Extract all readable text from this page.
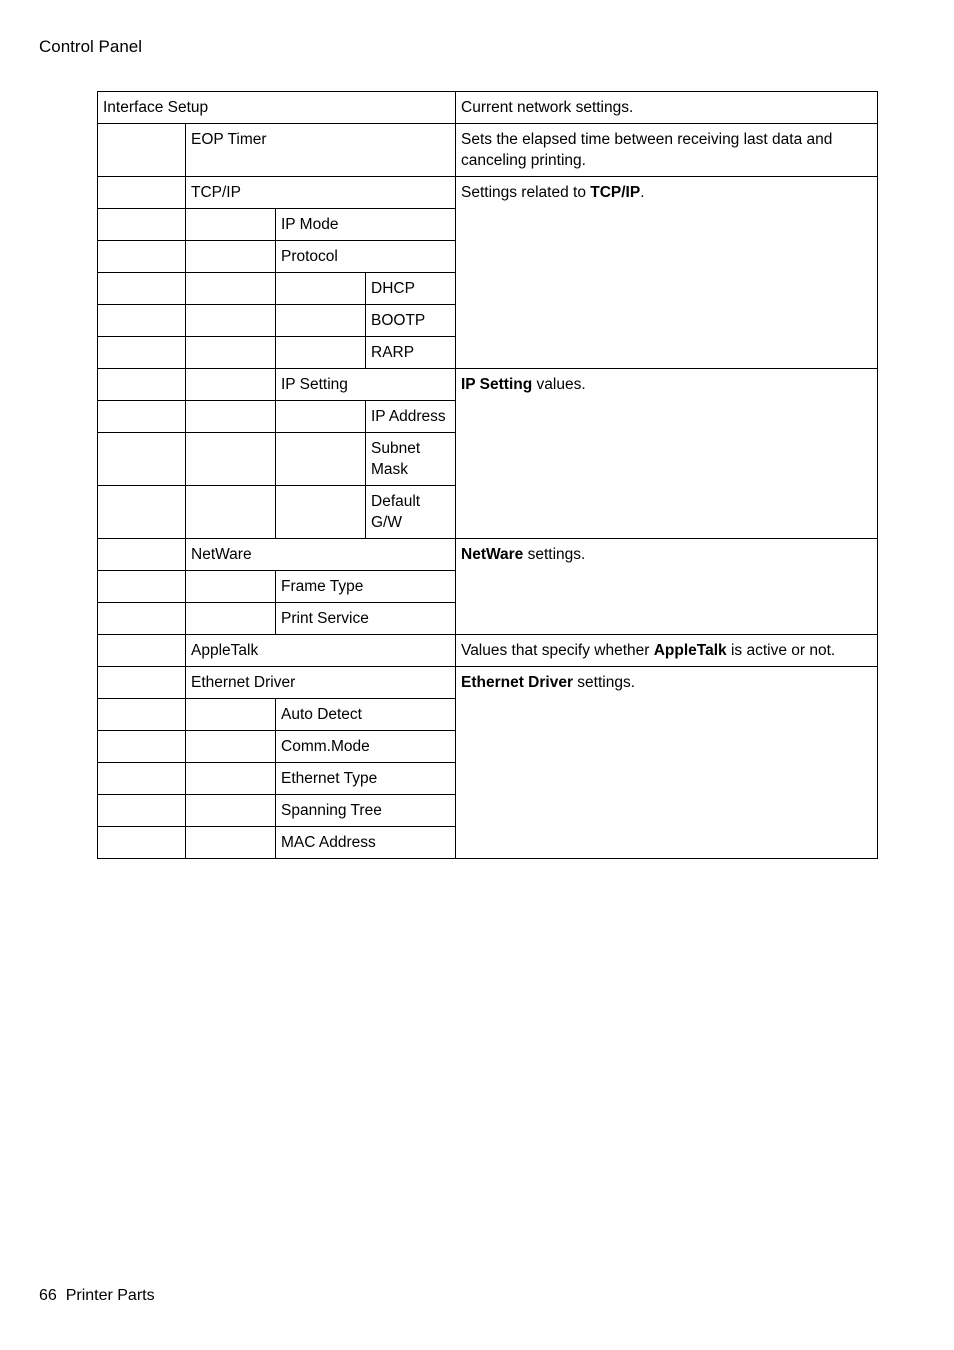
Control Panel
Interface Setup				Current network settings.
	EOP Timer			Sets the elapsed time between receiving last data and canceling printing.
	TCP/IP			Settings related to TCP/IP.
		IP Mode		
		Protocol		
			DHCP	
			BOOTP	
			RARP	
		IP Setting		IP Setting values.
			IP Address	
			Subnet Mask	
			Default G/W	
	NetWare			NetWare settings.
		Frame Type		
		Print Service		
	AppleTalk			Values that specify whether AppleTalk is active or not.
	Ethernet Driver			Ethernet Driver settings.
		Auto Detect		
		Comm.Mode		
		Ethernet Type		
		Spanning Tree		
		MAC Address		
66  Printer Parts
